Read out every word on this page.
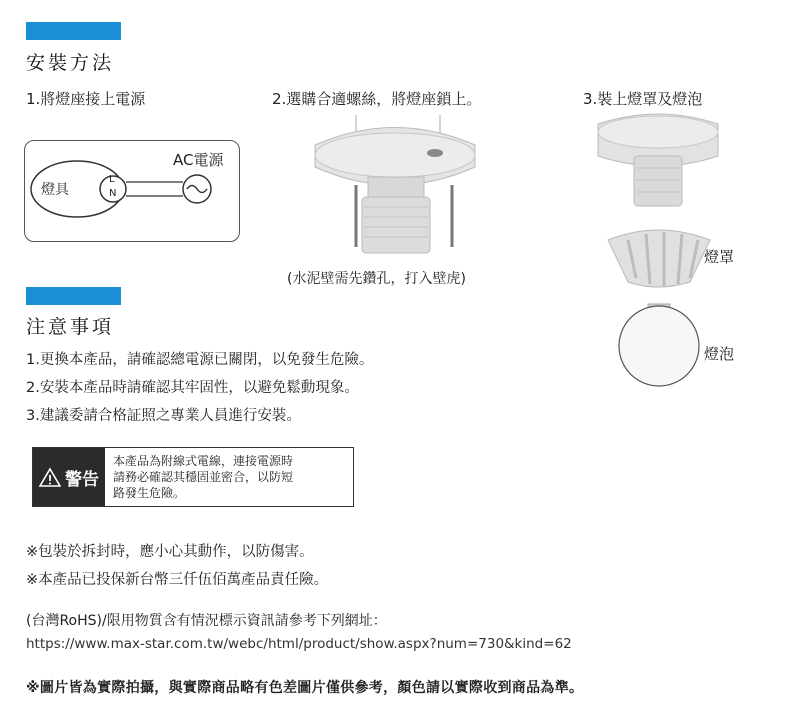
安裝方法
1.將燈座接上電源	2.選購合適螺絲，將燈座鎖上。	3.裝上燈罩及燈泡
AC電源
燈具
L
N
(水泥壁需先鑽孔，打入壁虎)
燈罩
燈泡
注意事項
1.更換本產品，請確認總電源已關閉，以免發生危險。
2.安裝本產品時請確認其牢固性，以避免鬆動現象。
3.建議委請合格証照之專業人員進行安裝。
警告
本產品為附線式電線，連接電源時
請務必確認其穩固並密合，以防短
路發生危險。
※包裝於拆封時，應小心其動作，以防傷害。
※本產品已投保新台幣三仟伍佰萬產品責任險。
(台灣RoHS)/限用物質含有情況標示資訊請參考下列網址：
https://www.max-star.com.tw/webc/html/product/show.aspx?num=730&kind=62
※圖片皆為實際拍攝，與實際商品略有色差圖片僅供參考，顏色請以實際收到商品為準。
